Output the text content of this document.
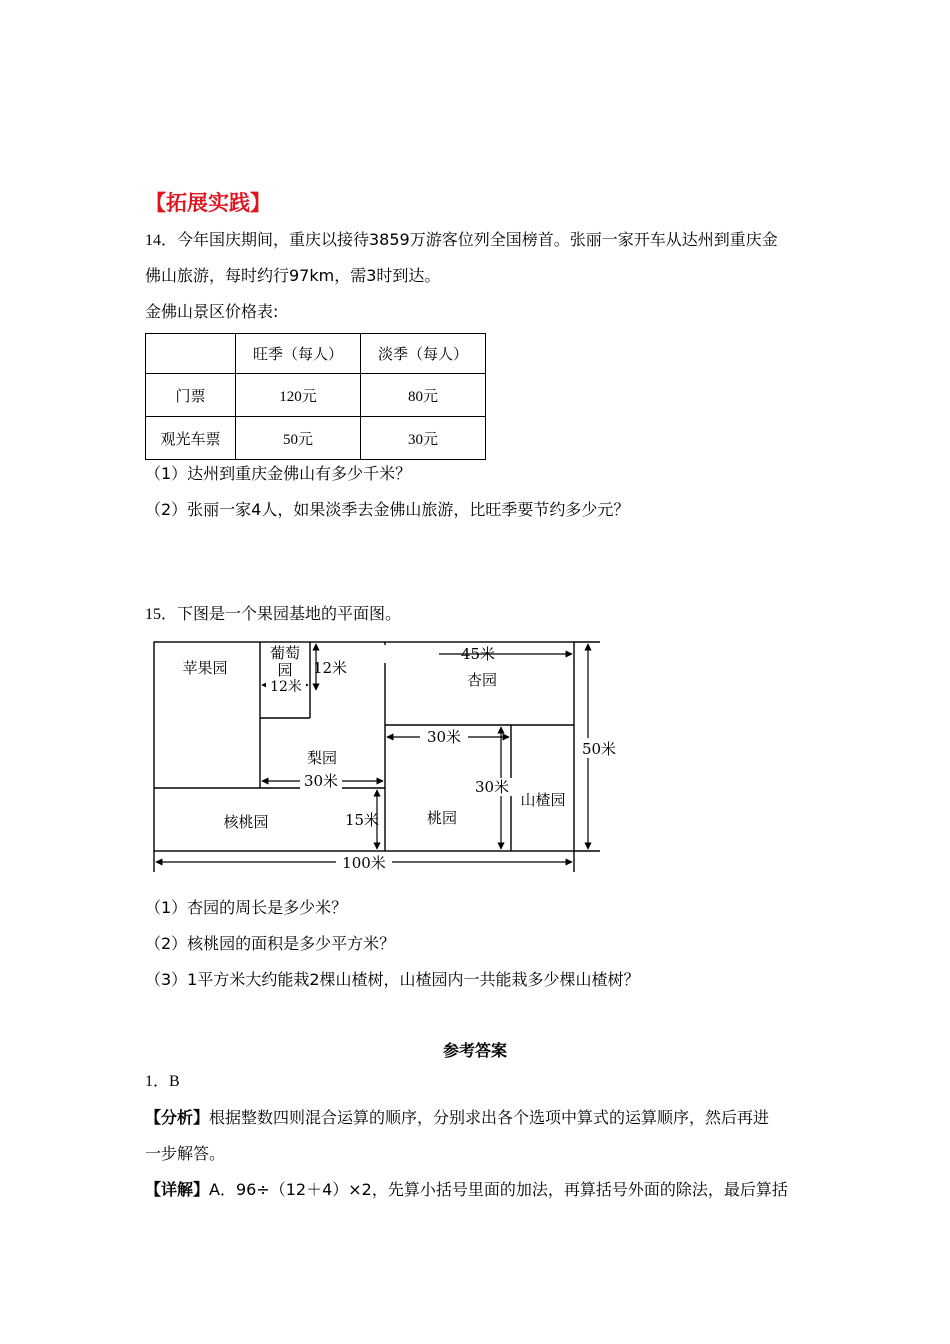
【拓展实践】
14．今年国庆期间，重庆以接待3859万游客位列全国榜首。张丽一家开车从达州到重庆金
佛山旅游，每时约行97km，需3时到达。
金佛山景区价格表:
	旺季（每人）	淡季（每人）
门票	120元	80元
观光车票	50元	30元
（1）达州到重庆金佛山有多少千米？
（2）张丽一家4人，如果淡季去金佛山旅游，比旺季要节约多少元？
15．下图是一个果园基地的平面图。
苹果园
葡萄
园
12米
12米
45米
杏园
梨园
30米
30米
30米
核桃园	15米	桃园
山楂园
50米
100米
（1）杏园的周长是多少米？
（2）核桃园的面积是多少平方米？
（3）1平方米大约能栽2棵山楂树，山楂园内一共能栽多少棵山楂树？
参考答案
1．B
【分析】根据整数四则混合运算的顺序，分别求出各个选项中算式的运算顺序，然后再进
一步解答。
【详解】A．96÷（12＋4）×2，先算小括号里面的加法，再算括号外面的除法，最后算括
